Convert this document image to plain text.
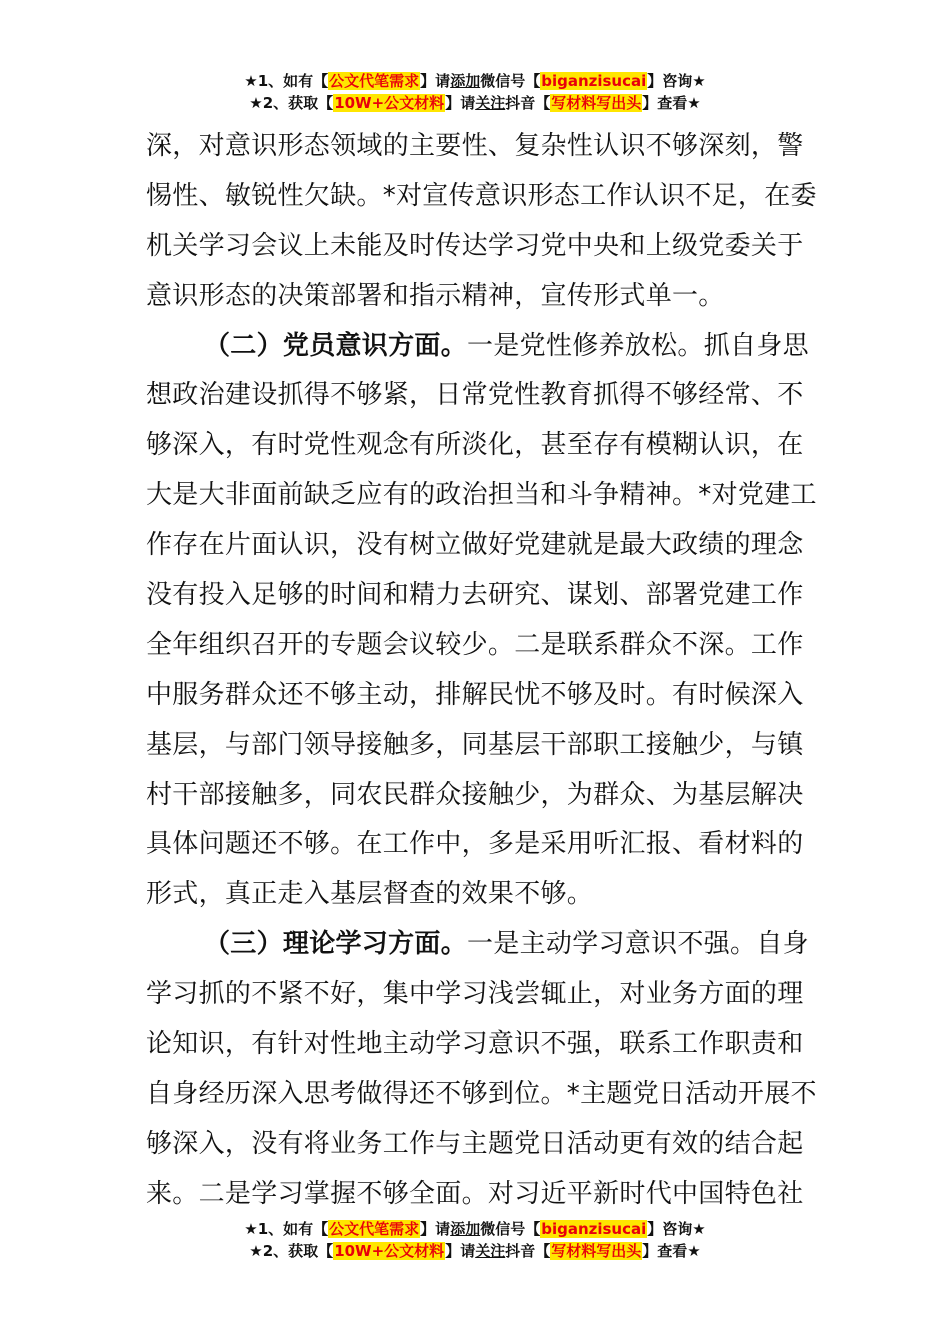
★1、如有【公文代笔需求】请添加微信号【biganzisucai】咨询★
★2、获取【10W+公文材料】请关注抖音【写材料写出头】查看★
深，对意识形态领域的主要性、复杂性认识不够深刻，警
惕性、敏锐性欠缺。*对宣传意识形态工作认识不足，在委
机关学习会议上未能及时传达学习党中央和上级党委关于
意识形态的决策部署和指示精神，宣传形式单一。
（二）党员意识方面。一是党性修养放松。抓自身思
想政治建设抓得不够紧，日常党性教育抓得不够经常、不
够深入，有时党性观念有所淡化，甚至存有模糊认识，在
大是大非面前缺乏应有的政治担当和斗争精神。*对党建工
作存在片面认识，没有树立做好党建就是最大政绩的理念
没有投入足够的时间和精力去研究、谋划、部署党建工作
全年组织召开的专题会议较少。二是联系群众不深。工作
中服务群众还不够主动，排解民忧不够及时。有时候深入
基层，与部门领导接触多，同基层干部职工接触少，与镇
村干部接触多，同农民群众接触少，为群众、为基层解决
具体问题还不够。在工作中，多是采用听汇报、看材料的
形式，真正走入基层督查的效果不够。
（三）理论学习方面。一是主动学习意识不强。自身
学习抓的不紧不好，集中学习浅尝辄止，对业务方面的理
论知识，有针对性地主动学习意识不强，联系工作职责和
自身经历深入思考做得还不够到位。*主题党日活动开展不
够深入，没有将业务工作与主题党日活动更有效的结合起
来。二是学习掌握不够全面。对习近平新时代中国特色社
★1、如有【公文代笔需求】请添加微信号【biganzisucai】咨询★
★2、获取【10W+公文材料】请关注抖音【写材料写出头】查看★
